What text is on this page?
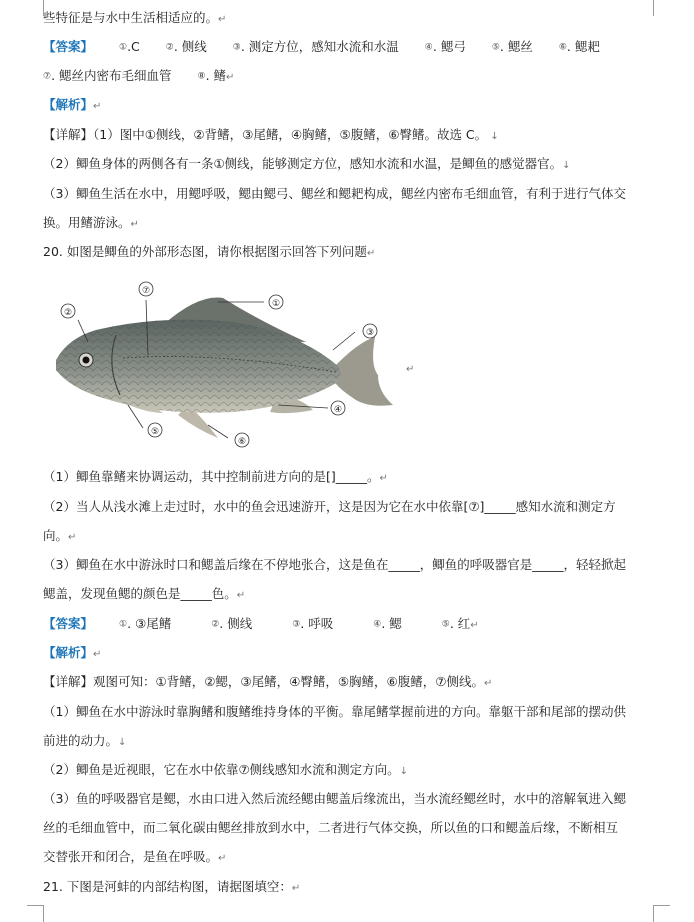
些特征是与水中生活相适应的。↵
【答案】	①.C	②. 侧线	③. 测定方位，感知水流和水温	④. 鳃弓	⑤. 鳃丝	⑥. 鳃耙
⑦. 鳃丝内密布毛细血管	⑧. 鳍↵
【解析】↵
【详解】（1）图中①侧线，②背鳍，③尾鳍，④胸鳍，⑤腹鳍，⑥臀鳍。故选 C。 ↓
（2）鲫鱼身体的两侧各有一条①侧线，能够测定方位，感知水流和水温，是鲫鱼的感觉器官。↓
（3）鲫鱼生活在水中，用鳃呼吸，鳃由鳃弓、鳃丝和鳃耙构成，鳃丝内密布毛细血管，有利于进行气体交
换。用鳍游泳。↵
20. 如图是鲫鱼的外部形态图，请你根据图示回答下列问题↵
①
②
③
④
⑤
⑥
⑦
↵
（1）鲫鱼靠鳍来协调运动，其中控制前进方向的是[]_____。↵
（2）当人从浅水滩上走过时，水中的鱼会迅速游开，这是因为它在水中依靠[⑦]_____感知水流和测定方
向。↵
（3）鲫鱼在水中游泳时口和鳃盖后缘在不停地张合，这是鱼在_____，鲫鱼的呼吸器官是_____，轻轻掀起
鳃盖，发现鱼鳃的颜色是_____色。↵
【答案】	①. ③尾鳍	②. 侧线	③. 呼吸	④. 鳃	⑤. 红↵
【解析】↵
【详解】观图可知：①背鳍，②鳃，③尾鳍，④臀鳍，⑤胸鳍，⑥腹鳍，⑦侧线。↵
（1）鲫鱼在水中游泳时靠胸鳍和腹鳍维持身体的平衡。靠尾鳍掌握前进的方向。靠躯干部和尾部的摆动供
前进的动力。↓
（2）鲫鱼是近视眼，它在水中依靠⑦侧线感知水流和测定方向。↓
（3）鱼的呼吸器官是鳃，水由口进入然后流经鳃由鳃盖后缘流出，当水流经鳃丝时，水中的溶解氧进入鳃
丝的毛细血管中，而二氧化碳由鳃丝排放到水中，二者进行气体交换，所以鱼的口和鳃盖后缘，不断相互
交替张开和闭合，是鱼在呼吸。↵
21. 下图是河蚌的内部结构图，请据图填空：↵
